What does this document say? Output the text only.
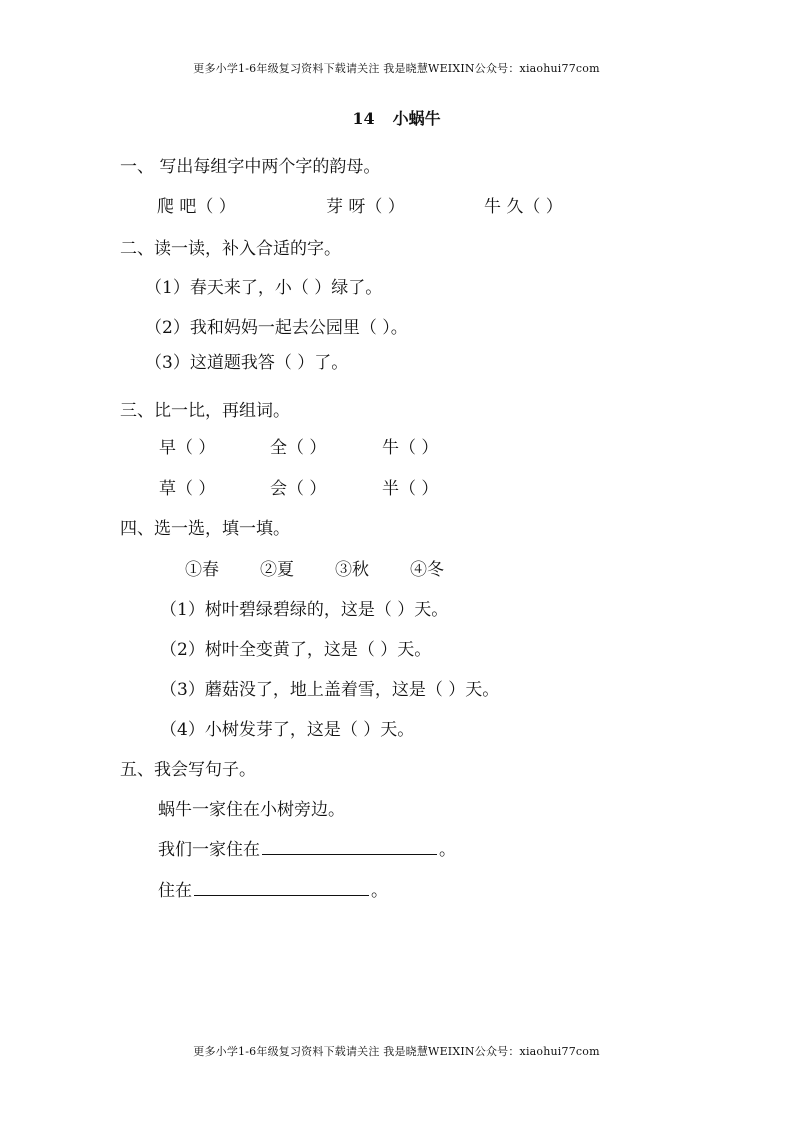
更多小学1-6年级复习资料下载请关注 我是晓慧WEIXIN公众号：xiaohui77com
14 小蜗牛
一、 写出每组字中两个字的韵母。
爬 吧（ ）	芽 呀（ ）	牛 久（ ）
二、读一读，补入合适的字。
（1）春天来了，小（ ）绿了。
（2）我和妈妈一起去公园里（ ）。
（3）这道题我答（ ）了。
三、比一比，再组词。
早（ ）	全（ ）	牛（ ）
草（ ）	会（ ）	半（ ）
四、选一选，填一填。
①春 ②夏 ③秋 ④冬
（1）树叶碧绿碧绿的，这是（ ）天。
（2）树叶全变黄了，这是（ ）天。
（3）蘑菇没了，地上盖着雪，这是（ ）天。
（4）小树发芽了，这是（ ）天。
五、我会写句子。
蜗牛一家住在小树旁边。
我们一家住在	。
住在	。
更多小学1-6年级复习资料下载请关注 我是晓慧WEIXIN公众号：xiaohui77com
